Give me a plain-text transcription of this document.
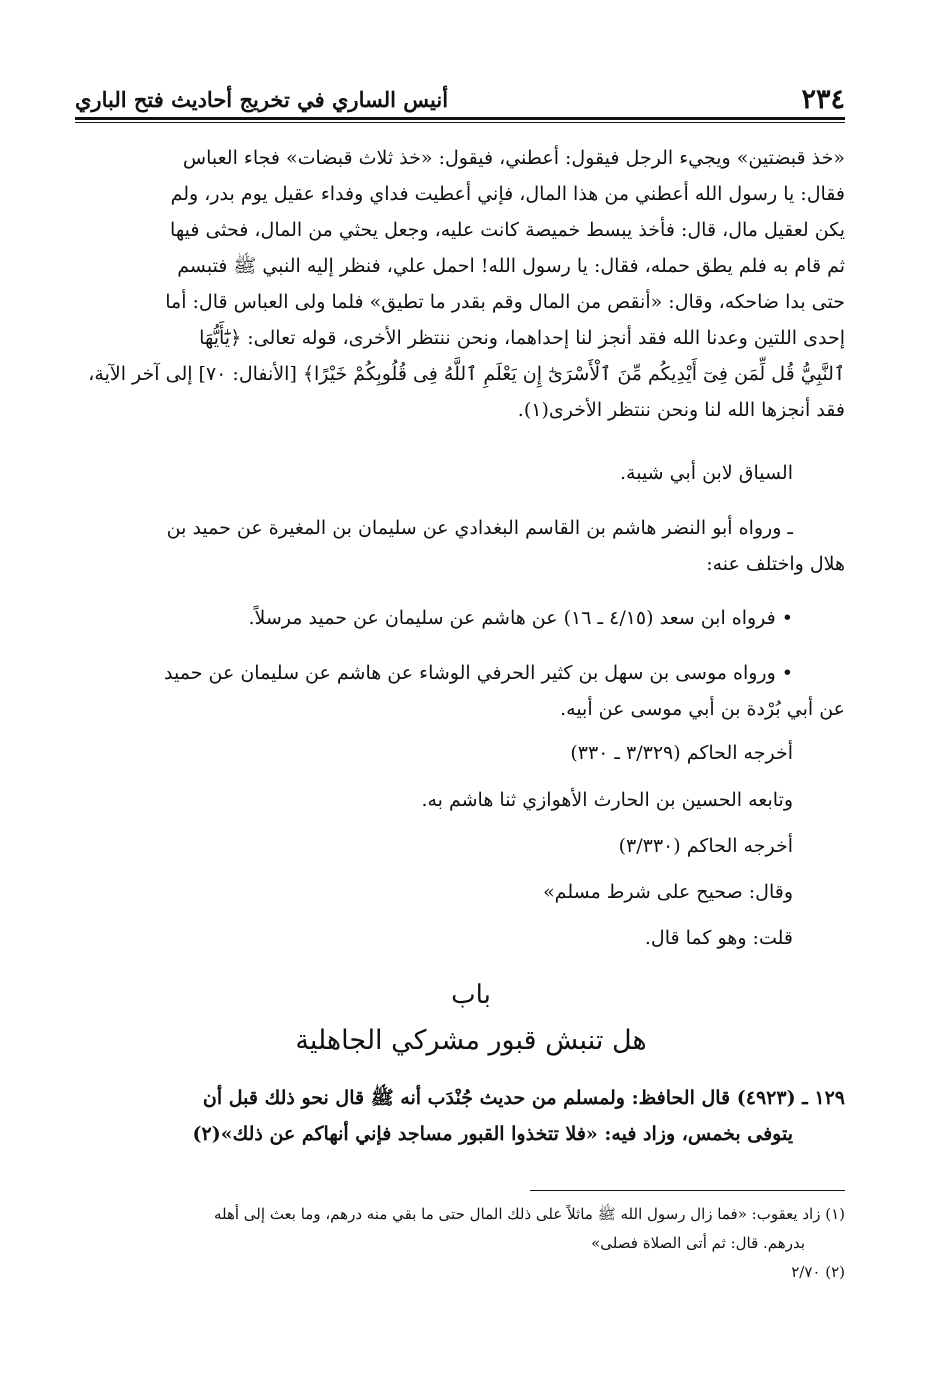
٢٣٤
أنيس الساري في تخريج أحاديث فتح الباري
«خذ قبضتين» ويجيء الرجل فيقول: أعطني، فيقول: «خذ ثلاث قبضات» فجاء العباس
فقال: يا رسول الله أعطني من هذا المال، فإني أعطيت فداي وفداء عقيل يوم بدر، ولم
يكن لعقيل مال، قال: فأخذ يبسط خميصة كانت عليه، وجعل يحثي من المال، فحثى فيها
ثم قام به فلم يطق حمله، فقال: يا رسول الله! احمل علي، فنظر إليه النبي ﷺ فتبسم
حتى بدا ضاحكه، وقال: «أنقص من المال وقم بقدر ما تطيق» فلما ولى العباس قال: أما
إحدى اللتين وعدنا الله فقد أنجز لنا إحداهما، ونحن ننتظر الأخرى، قوله تعالى: ﴿يَٰٓأَيُّهَا
ٱلنَّبِيُّ قُل لِّمَن فِىٓ أَيْدِيكُم مِّنَ ٱلْأَسْرَىٰٓ إِن يَعْلَمِ ٱللَّهُ فِى قُلُوبِكُمْ خَيْرًا﴾ [الأنفال: ٧٠] إلى آخر الآية،
فقد أنجزها الله لنا ونحن ننتظر الأخرى(١).
السياق لابن أبي شيبة.
ـ ورواه أبو النضر هاشم بن القاسم البغدادي عن سليمان بن المغيرة عن حميد بن
هلال واختلف عنه:
• فرواه ابن سعد (٤/١٥ ـ ١٦) عن هاشم عن سليمان عن حميد مرسلاً.
• ورواه موسى بن سهل بن كثير الحرفي الوشاء عن هاشم عن سليمان عن حميد
عن أبي بُرْدة بن أبي موسى عن أبيه.
أخرجه الحاكم (٣/٣٢٩ ـ ٣٣٠)
وتابعه الحسين بن الحارث الأهوازي ثنا هاشم به.
أخرجه الحاكم (٣/٣٣٠)
وقال: صحيح على شرط مسلم»
قلت: وهو كما قال.
باب
هل تنبش قبور مشركي الجاهلية
١٢٩ ـ (٤٩٢٣) قال الحافظ: ولمسلم من حديث جُنْدَب أنه ﷺ قال نحو ذلك قبل أن
يتوفى بخمس، وزاد فيه: «فلا تتخذوا القبور مساجد فإني أنهاكم عن ذلك»(٢)
(١) زاد يعقوب: «فما زال رسول الله ﷺ ماثلاً على ذلك المال حتى ما بقي منه درهم، وما بعث إلى أهله
بدرهم. قال: ثم أتى الصلاة فصلى»
(٢) ٢/٧٠
